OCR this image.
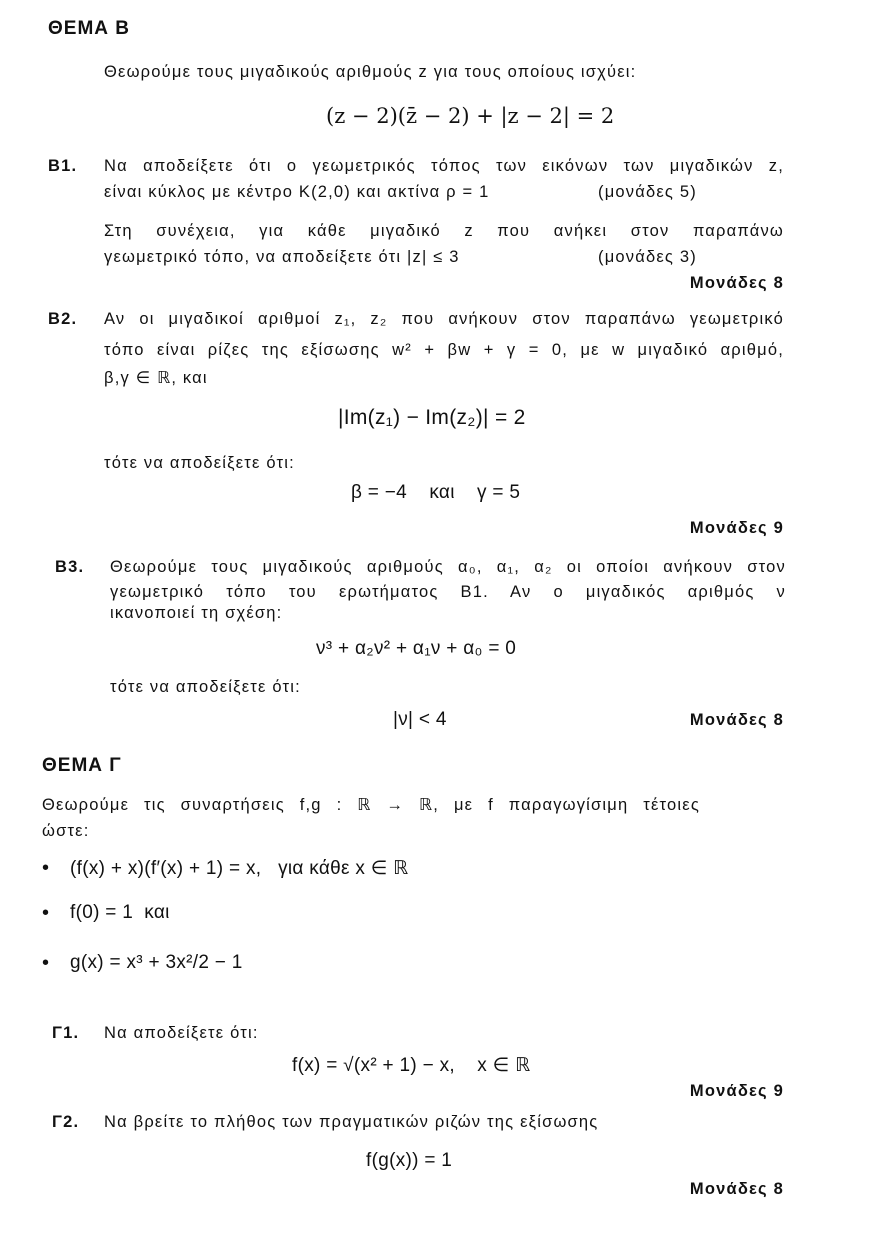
ΘΕΜΑ Β
Θεωρούμε τους μιγαδικούς αριθμούς z για τους οποίους ισχύει:
(z − 2)(z̄ − 2) + |z − 2| = 2
Β1. Να αποδείξετε ότι ο γεωμετρικός τόπος των εικόνων των μιγαδικών z,
είναι κύκλος με κέντρο K(2,0) και ακτίνα ρ = 1	(μονάδες 5)
Στη συνέχεια, για κάθε μιγαδικό z που ανήκει στον παραπάνω
γεωμετρικό τόπο, να αποδείξετε ότι |z| ≤ 3	(μονάδες 3)
Μονάδες 8
Β2. Αν οι μιγαδικοί αριθμοί z₁, z₂ που ανήκουν στον παραπάνω γεωμετρικό
τόπο είναι ρίζες της εξίσωσης w² + βw + γ = 0, με w μιγαδικό αριθμό,
β,γ ∈ ℝ, και
|Im(z₁) − Im(z₂)| = 2
τότε να αποδείξετε ότι:
β = −4    και    γ = 5
Μονάδες 9
Β3. Θεωρούμε τους μιγαδικούς αριθμούς α₀, α₁, α₂ οι οποίοι ανήκουν στον
γεωμετρικό τόπο του ερωτήματος Β1. Αν ο μιγαδικός αριθμός ν
ικανοποιεί τη σχέση:
ν³ + α₂ν² + α₁ν + α₀ = 0
τότε να αποδείξετε ότι:
|ν| < 4	Μονάδες 8
ΘΕΜΑ Γ
Θεωρούμε τις συναρτήσεις f,g : ℝ → ℝ, με f παραγωγίσιμη τέτοιες
ώστε:
• (f(x) + x)(f′(x) + 1) = x,   για κάθε x ∈ ℝ
• f(0) = 1  και
• g(x) = x³ + 3x²/2 − 1
Γ1. Να αποδείξετε ότι:
f(x) = √(x² + 1) − x,    x ∈ ℝ
Μονάδες 9
Γ2. Να βρείτε το πλήθος των πραγματικών ριζών της εξίσωσης
f(g(x)) = 1
Μονάδες 8
